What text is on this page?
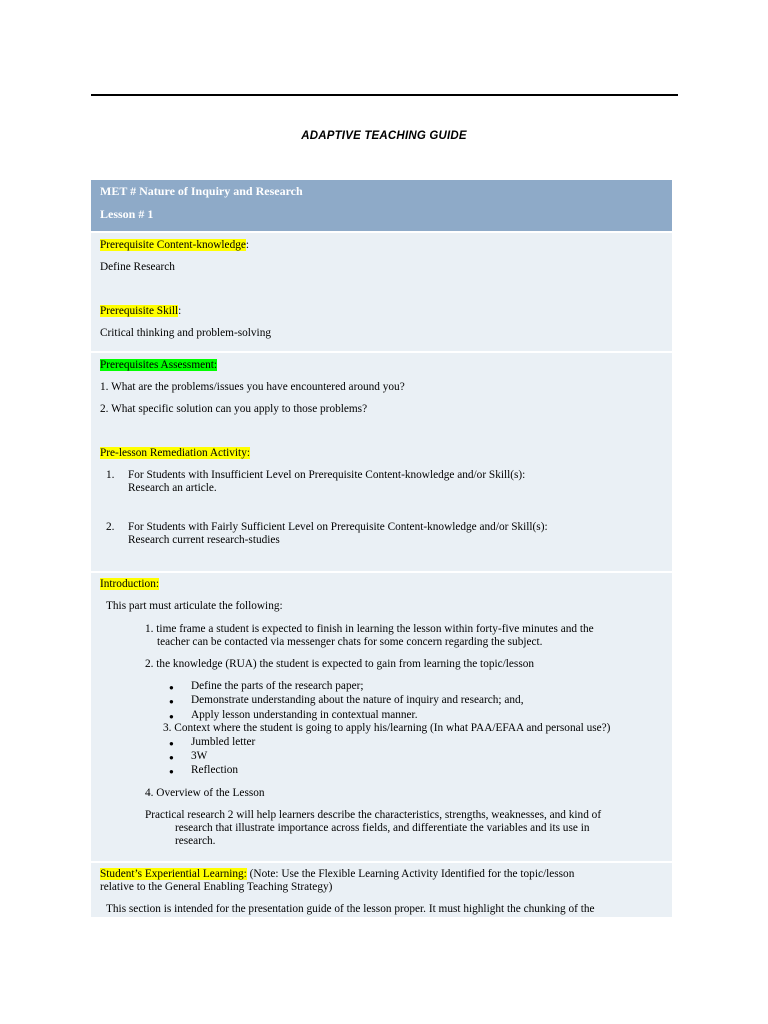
ADAPTIVE TEACHING GUIDE
MET # Nature of Inquiry and Research
Lesson # 1

Prerequisite Content-knowledge:

Define Research

Prerequisite Skill:

Critical thinking and problem-solving

Prerequisites Assessment:

1. What are the problems/issues you have encountered around you?

2. What specific solution can you apply to those problems?

Pre-lesson Remediation Activity:

1. For Students with Insufficient Level on Prerequisite Content-knowledge and/or Skill(s):

Research an article.

2. For Students with Fairly Sufficient Level on Prerequisite Content-knowledge and/or Skill(s):

Research current research-studies

Introduction:

This part must articulate the following:

1. time frame a student is expected to finish in learning the lesson within forty-five minutes and the

teacher can be contacted via messenger chats for some concern regarding the subject.

2. the knowledge (RUA) the student is expected to gain from learning the topic/lesson

● Define the parts of the research paper;

● Demonstrate understanding about the nature of inquiry and research; and,

● Apply lesson understanding in contextual manner.

3. Context where the student is going to apply his/learning (In what PAA/EFAA and personal use?)

● Jumbled letter

● 3W

● Reflection

4. Overview of the Lesson

Practical research 2 will help learners describe the characteristics, strengths, weaknesses, and kind of

research that illustrate importance across fields, and differentiate the variables and its use in

research.

Student’s Experiential Learning: (Note: Use the Flexible Learning Activity Identified for the topic/lesson

relative to the General Enabling Teaching Strategy)

This section is intended for the presentation guide of the lesson proper. It must highlight the chunking of the
